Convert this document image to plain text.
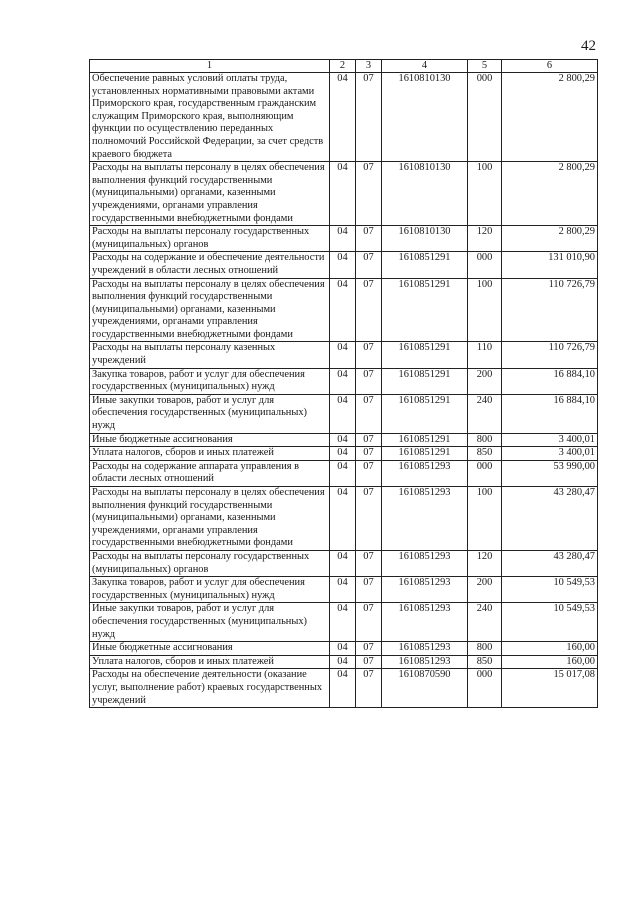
42
1	2	3	4	5	6
Обеспечение равных условий оплаты труда, установленных нормативными правовыми актами Приморского края, государственным гражданским служащим Приморского края, выполняющим функции по осуществлению переданных полномочий Российской Федерации, за счет средств краевого бюджета	04	07	1610810130	000	2 800,29
Расходы на выплаты персоналу в целях обеспечения выполнения функций государственными (муниципальными) органами, казенными учреждениями, органами управления государственными внебюджетными фондами	04	07	1610810130	100	2 800,29
Расходы на выплаты персоналу государственных (муниципальных) органов	04	07	1610810130	120	2 800,29
Расходы на содержание и обеспечение деятельности учреждений в области лесных отношений	04	07	1610851291	000	131 010,90
Расходы на выплаты персоналу в целях обеспечения выполнения функций государственными (муниципальными) органами, казенными учреждениями, органами управления государственными внебюджетными фондами	04	07	1610851291	100	110 726,79
Расходы на выплаты персоналу казенных учреждений	04	07	1610851291	110	110 726,79
Закупка товаров, работ и услуг для обеспечения государственных (муниципальных) нужд	04	07	1610851291	200	16 884,10
Иные закупки товаров, работ и услуг для обеспечения государственных (муниципальных) нужд	04	07	1610851291	240	16 884,10
Иные бюджетные ассигнования	04	07	1610851291	800	3 400,01
Уплата налогов, сборов и иных платежей	04	07	1610851291	850	3 400,01
Расходы на содержание аппарата управления в области лесных отношений	04	07	1610851293	000	53 990,00
Расходы на выплаты персоналу в целях обеспечения выполнения функций государственными (муниципальными) органами, казенными учреждениями, органами управления государственными внебюджетными фондами	04	07	1610851293	100	43 280,47
Расходы на выплаты персоналу государственных (муниципальных) органов	04	07	1610851293	120	43 280,47
Закупка товаров, работ и услуг для обеспечения государственных (муниципальных) нужд	04	07	1610851293	200	10 549,53
Иные закупки товаров, работ и услуг для обеспечения государственных (муниципальных) нужд	04	07	1610851293	240	10 549,53
Иные бюджетные ассигнования	04	07	1610851293	800	160,00
Уплата налогов, сборов и иных платежей	04	07	1610851293	850	160,00
Расходы на обеспечение деятельности (оказание услуг, выполнение работ) краевых государственных учреждений	04	07	1610870590	000	15 017,08
